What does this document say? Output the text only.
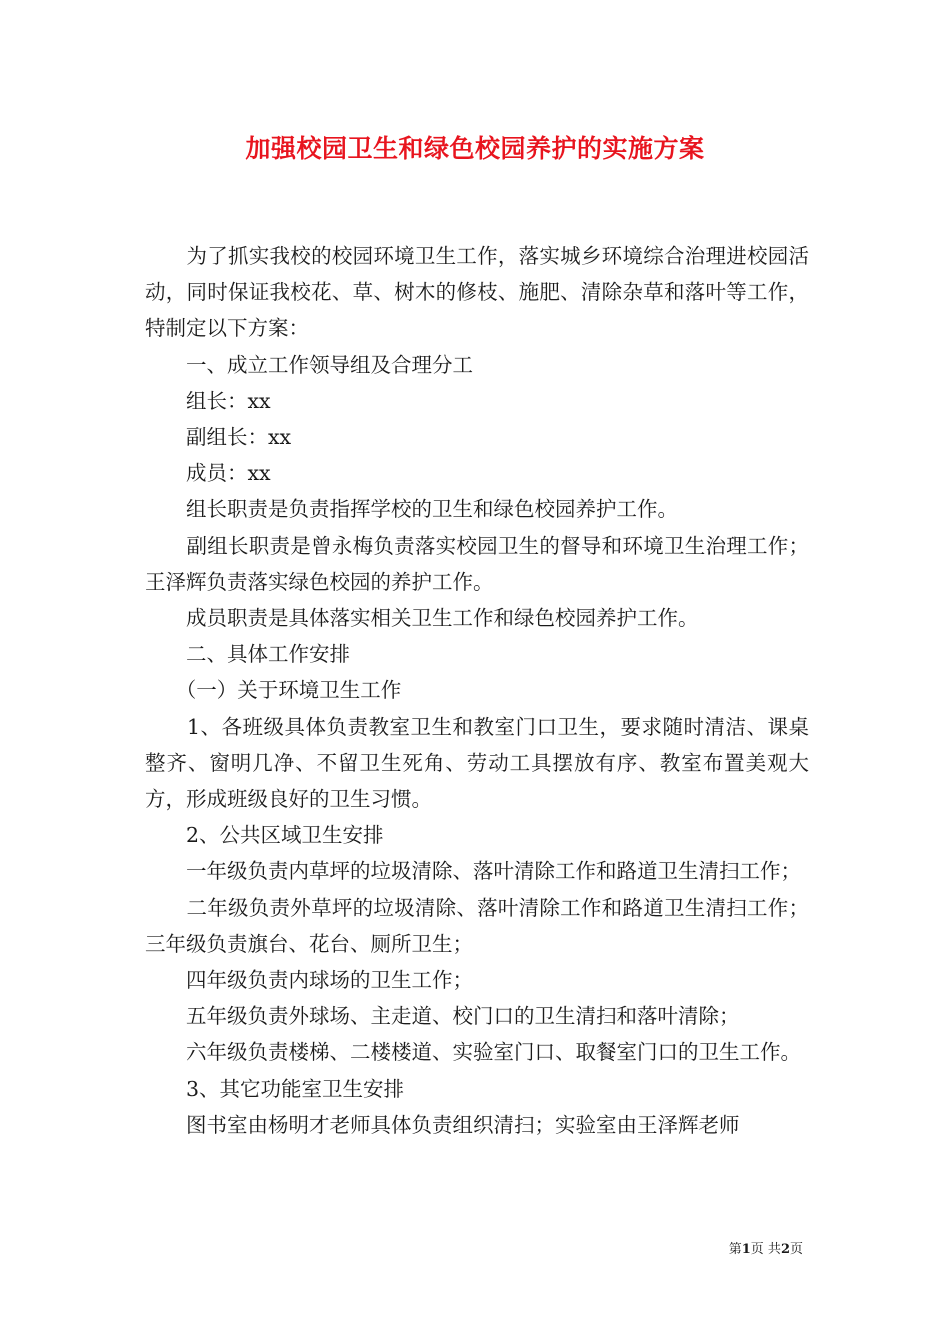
加强校园卫生和绿色校园养护的实施方案

　　为了抓实我校的校园环境卫生工作，落实城乡环境综合治理进校园活动，同时保证我校花、草、树木的修枝、施肥、清除杂草和落叶等工作，特制定以下方案：

　　一、成立工作领导组及合理分工

　　组长：xx

　　副组长：xx

　　成员：xx

　　组长职责是负责指挥学校的卫生和绿色校园养护工作。

　　副组长职责是曾永梅负责落实校园卫生的督导和环境卫生治理工作；王泽辉负责落实绿色校园的养护工作。

　　成员职责是具体落实相关卫生工作和绿色校园养护工作。

　　二、具体工作安排

　　（一）关于环境卫生工作

　　1、各班级具体负责教室卫生和教室门口卫生，要求随时清洁、课桌整齐、窗明几净、不留卫生死角、劳动工具摆放有序、教室布置美观大方，形成班级良好的卫生习惯。

　　2、公共区域卫生安排

　　一年级负责内草坪的垃圾清除、落叶清除工作和路道卫生清扫工作；

　　二年级负责外草坪的垃圾清除、落叶清除工作和路道卫生清扫工作；三年级负责旗台、花台、厕所卫生；

　　四年级负责内球场的卫生工作；

　　五年级负责外球场、主走道、校门口的卫生清扫和落叶清除；

　　六年级负责楼梯、二楼楼道、实验室门口、取餐室门口的卫生工作。

　　3、其它功能室卫生安排

　　图书室由杨明才老师具体负责组织清扫；实验室由王泽辉老师

第1页 共2页
